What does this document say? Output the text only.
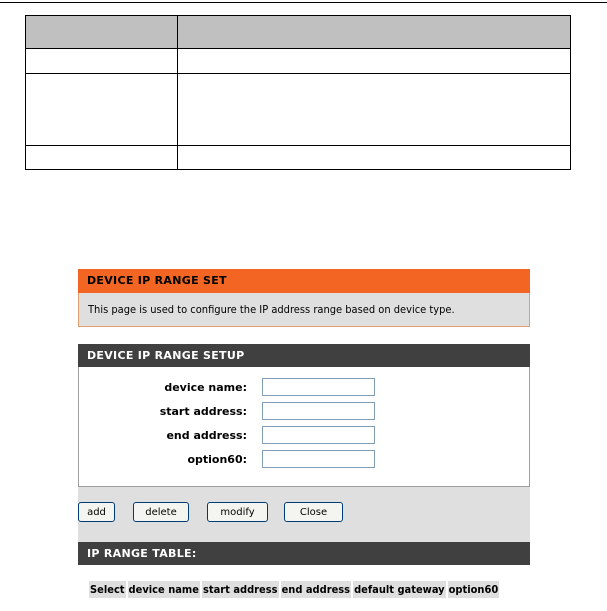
DEVICE IP RANGE SET
This page is used to configure the IP address range based on device type.
DEVICE IP RANGE SETUP
device name:
start address:
end address:
option60:
add	delete	modify	Close
IP RANGE TABLE:
Select	device name	start address	end address	default gateway	option60
